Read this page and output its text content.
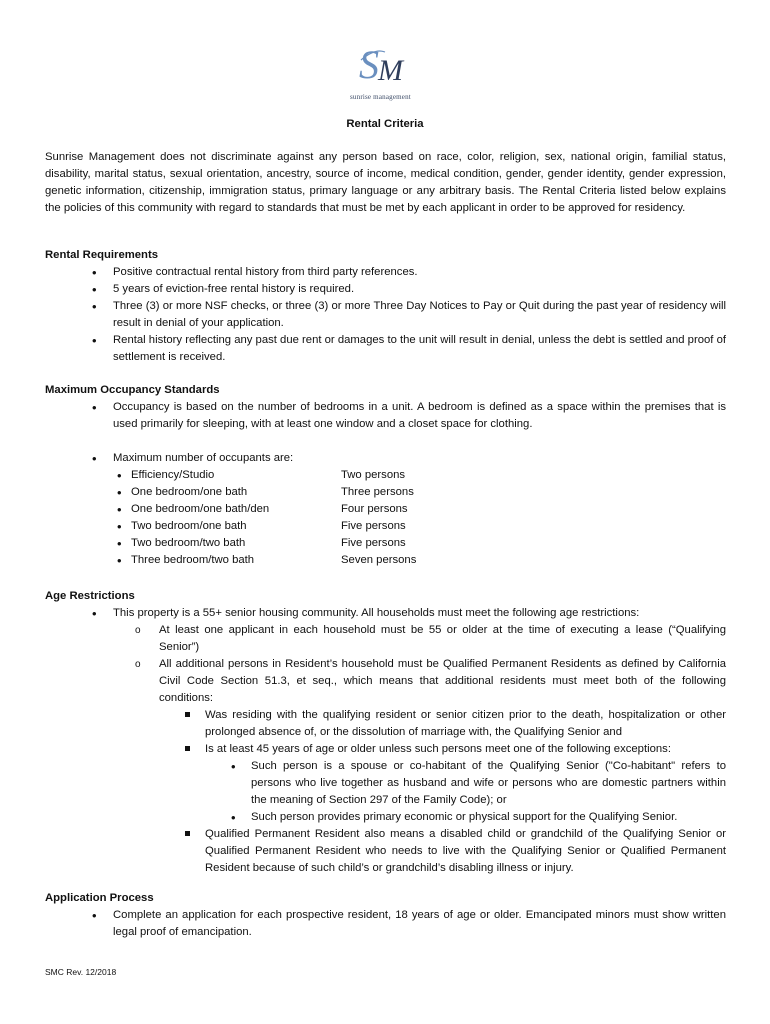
S M
sunrise management
Rental Criteria

Sunrise Management does not discriminate against any person based on race, color, religion, sex, national origin, familial status, disability, marital status, sexual orientation, ancestry, source of income, medical condition, gender, gender identity, gender expression, genetic information, citizenship, immigration status, primary language or any arbitrary basis. The Rental Criteria listed below explains the policies of this community with regard to standards that must be met by each applicant in order to be approved for residency.

Rental Requirements

• Positive contractual rental history from third party references.
• 5 years of eviction-free rental history is required.
• Three (3) or more NSF checks, or three (3) or more Three Day Notices to Pay or Quit during the past year of residency will result in denial of your application.
• Rental history reflecting any past due rent or damages to the unit will result in denial, unless the debt is settled and proof of settlement is received.

Maximum Occupancy Standards

• Occupancy is based on the number of bedrooms in a unit. A bedroom is defined as a space within the premises that is used primarily for sleeping, with at least one window and a closet space for clothing.
• Maximum number of occupants are:
• Efficiency/Studio	Two persons
• One bedroom/one bath	Three persons
• One bedroom/one bath/den	Four persons
• Two bedroom/one bath	Five persons
• Two bedroom/two bath	Five persons
• Three bedroom/two bath	Seven persons

Age Restrictions

• This property is a 55+ senior housing community. All households must meet the following age restrictions:
o At least one applicant in each household must be 55 or older at the time of executing a lease (“Qualifying Senior”)
o All additional persons in Resident’s household must be Qualified Permanent Residents as defined by California Civil Code Section 51.3, et seq., which means that additional residents must meet both of the following conditions:
Was residing with the qualifying resident or senior citizen prior to the death, hospitalization or other prolonged absence of, or the dissolution of marriage with, the Qualifying Senior and
Is at least 45 years of age or older unless such persons meet one of the following exceptions:
• Such person is a spouse or co-habitant of the Qualifying Senior ("Co-habitant" refers to persons who live together as husband and wife or persons who are domestic partners within the meaning of Section 297 of the Family Code); or
• Such person provides primary economic or physical support for the Qualifying Senior.
Qualified Permanent Resident also means a disabled child or grandchild of the Qualifying Senior or Qualified Permanent Resident who needs to live with the Qualifying Senior or Qualified Permanent Resident because of such child’s or grandchild’s disabling illness or injury.

Application Process

• Complete an application for each prospective resident, 18 years of age or older. Emancipated minors must show written legal proof of emancipation.
SMC Rev. 12/2018
